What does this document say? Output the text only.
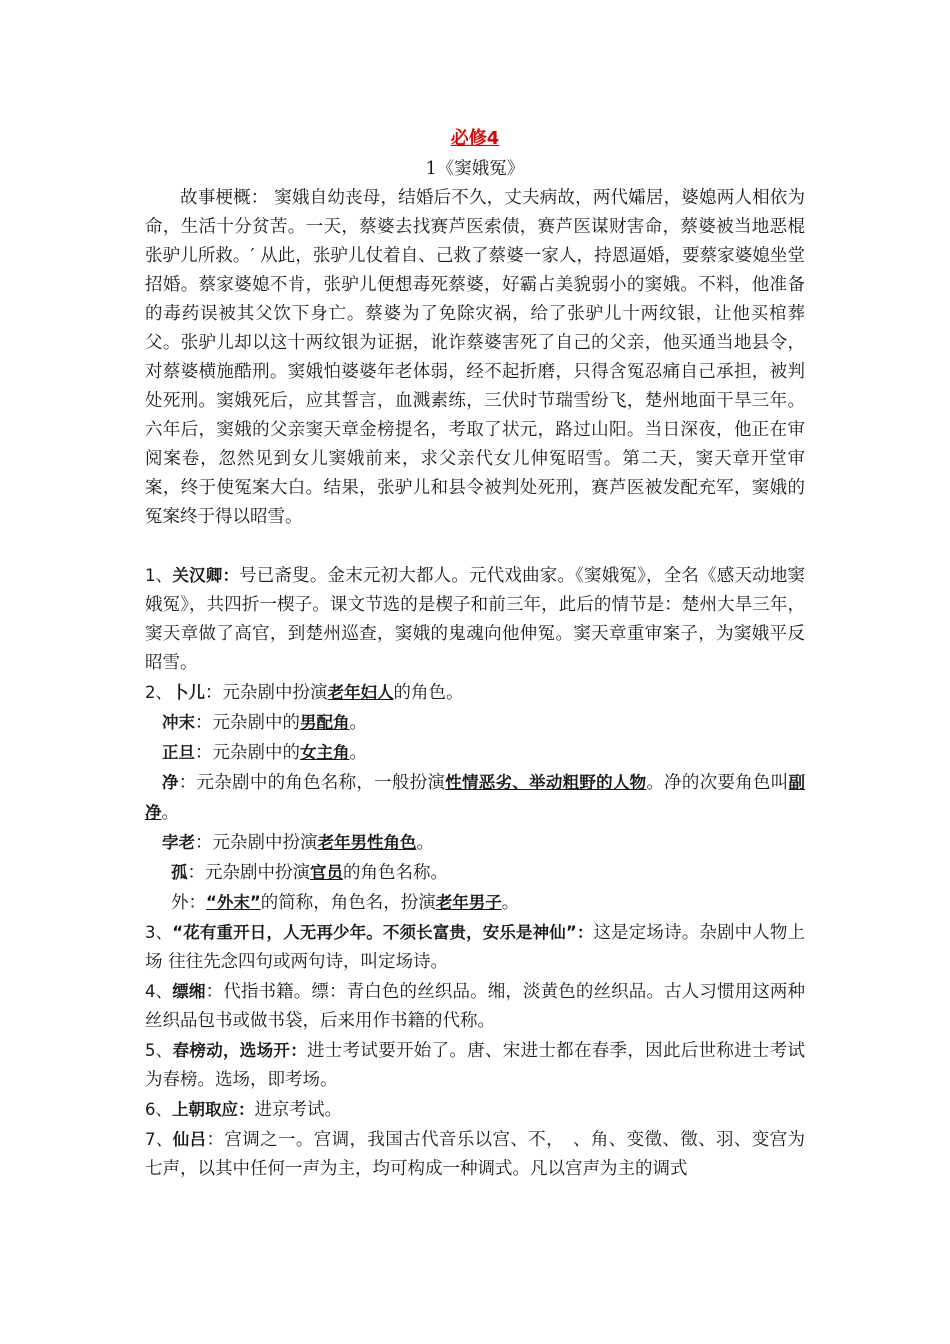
必修4
1《窦娥冤》

故事梗概： 窦娥自幼丧母，结婚后不久，丈夫病故，两代孀居，婆媳两人相依为命，生活十分贫苦。一天，蔡婆去找赛芦医索债，赛芦医谋财害命，蔡婆被当地恶棍张驴儿所救。′ 从此，张驴儿仗着自、己救了蔡婆一家人，持恩逼婚，要蔡家婆媳坐堂招婚。蔡家婆媳不肯，张驴儿便想毒死蔡婆，好霸占美貌弱小的窦娥。不料，他准备的毒药误被其父饮下身亡。蔡婆为了免除灾祸，给了张驴儿十两纹银，让他买棺葬父。张驴儿却以这十两纹银为证据，讹诈蔡婆害死了自己的父亲，他买通当地县令，对蔡婆横施酷刑。窦娥怕婆婆年老体弱，经不起折磨，只得含冤忍痛自己承担，被判处死刑。窦娥死后，应其誓言，血溅素练，三伏时节瑞雪纷飞，楚州地面干旱三年。六年后，窦娥的父亲窦天章金榜提名，考取了状元，路过山阳。当日深夜，他正在审阅案卷，忽然见到女儿窦娥前来，求父亲代女儿伸冤昭雪。第二天，窦天章开堂审案，终于使冤案大白。结果，张驴儿和县令被判处死刑，赛芦医被发配充军，窦娥的冤案终于得以昭雪。

1、关汉卿：号已斋叟。金末元初大都人。元代戏曲家。《窦娥冤》，全名《感天动地窦娥冤》，共四折一楔子。课文节选的是楔子和前三年，此后的情节是：楚州大旱三年，窦天章做了高官，到楚州巡查，窦娥的鬼魂向他伸冤。窦天章重审案子，为窦娥平反昭雪。

2、卜儿：元杂剧中扮演老年妇人的角色。

冲末：元杂剧中的男配角。

正旦：元杂剧中的女主角。

净：元杂剧中的角色名称，一般扮演性情恶劣、举动粗野的人物。净的次要角色叫副净。

孛老：元杂剧中扮演老年男性角色。

孤：元杂剧中扮演官员的角色名称。

外：“外末”的简称，角色名，扮演老年男子。

3、“花有重开日，人无再少年。不须长富贵，安乐是神仙”：这是定场诗。杂剧中人物上场 往往先念四句或两句诗，叫定场诗。

4、缥缃：代指书籍。缥：青白色的丝织品。缃，淡黄色的丝织品。古人习惯用这两种丝织品包书或做书袋，后来用作书籍的代称。

5、春榜动，选场开：进士考试要开始了。唐、宋进士都在春季，因此后世称进士考试为春榜。选场，即考场。

6、上朝取应：进京考试。

7、仙吕：宫调之一。宫调，我国古代音乐以宫、不，　、角、变徵、徵、羽、变宫为七声，以其中任何一声为主，均可构成一种调式。凡以宫声为主的调式
